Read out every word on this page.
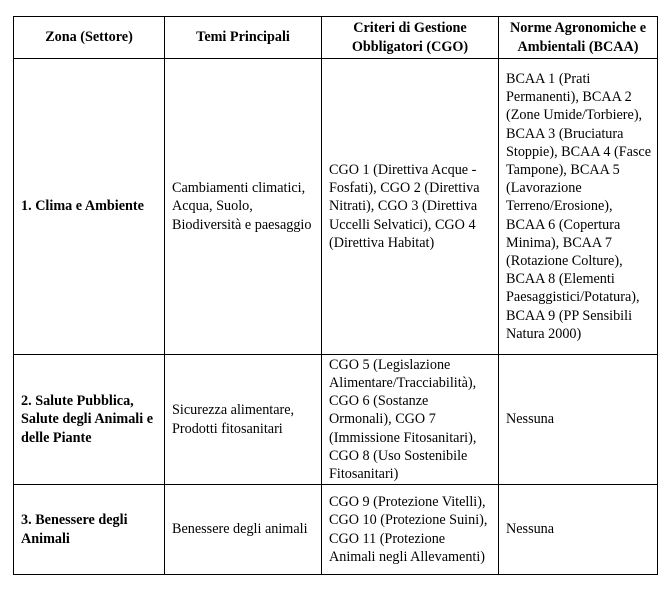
Zona (Settore)	Temi Principali	Criteri di Gestione Obbligatori (CGO)	Norme Agronomiche e Ambientali (BCAA)
1. Clima e Ambiente	Cambiamenti climatici, Acqua, Suolo, Biodiversità e paesaggio	CGO 1 (Direttiva Acque - Fosfati), CGO 2 (Direttiva Nitrati), CGO 3 (Direttiva Uccelli Selvatici), CGO 4 (Direttiva Habitat)	BCAA 1 (Prati Permanenti), BCAA 2 (Zone Umide/Torbiere), BCAA 3 (Bruciatura Stoppie), BCAA 4 (Fasce Tampone), BCAA 5 (Lavorazione Terreno/Erosione), BCAA 6 (Copertura Minima), BCAA 7 (Rotazione Colture), BCAA 8 (Elementi Paesaggistici/Potatura), BCAA 9 (PP Sensibili Natura 2000)
2. Salute Pubblica, Salute degli Animali e delle Piante	Sicurezza alimentare, Prodotti fitosanitari	CGO 5 (Legislazione Alimentare/Tracciabilità), CGO 6 (Sostanze Ormonali), CGO 7 (Immissione Fitosanitari), CGO 8 (Uso Sostenibile Fitosanitari)	Nessuna
3. Benessere degli Animali	Benessere degli animali	CGO 9 (Protezione Vitelli), CGO 10 (Protezione Suini), CGO 11 (Protezione Animali negli Allevamenti)	Nessuna
